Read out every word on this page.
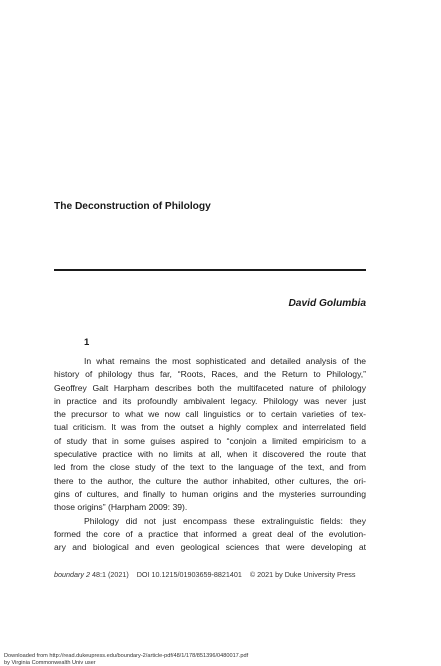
The Deconstruction of Philology
David Golumbia
1
In what remains the most sophisticated and detailed analysis of the
history of philology thus far, “Roots, Races, and the Return to Philology,”
Geoffrey Galt Harpham describes both the multifaceted nature of philology
in practice and its profoundly ambivalent legacy. Philology was never just
the precursor to what we now call linguistics or to certain varieties of tex-
tual criticism. It was from the outset a highly complex and interrelated field
of study that in some guises aspired to “conjoin a limited empiricism to a
speculative practice with no limits at all, when it discovered the route that
led from the close study of the text to the language of the text, and from
there to the author, the culture the author inhabited, other cultures, the ori-
gins of cultures, and finally to human origins and the mysteries surrounding
those origins” (Harpham 2009: 39).
Philology did not just encompass these extralinguistic fields: they
formed the core of a practice that informed a great deal of the evolution-
ary and biological and even geological sciences that were developing at
boundary 2 48:1 (2021) DOI 10.1215/01903659-8821401 © 2021 by Duke University Press
Downloaded from http://read.dukeupress.edu/boundary-2/article-pdf/48/1/178/851396/0480017.pdf
by Virginia Commonwealth Univ user
